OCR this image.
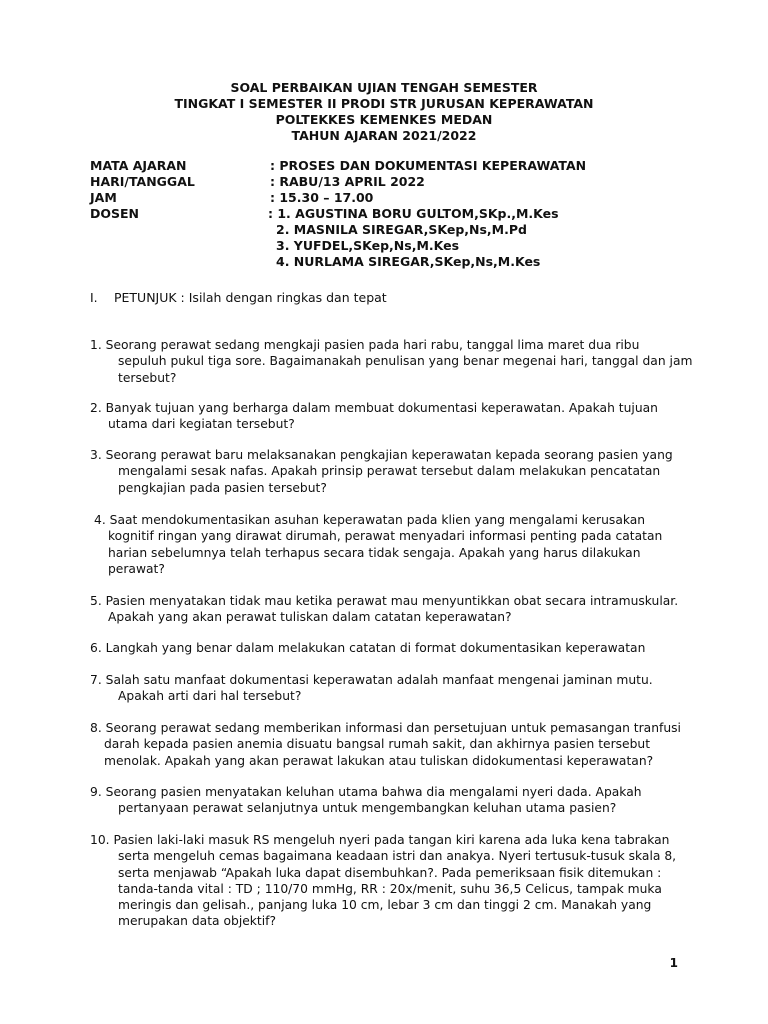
SOAL PERBAIKAN UJIAN TENGAH SEMESTER
TINGKAT I SEMESTER II PRODI STR JURUSAN KEPERAWATAN
POLTEKKES KEMENKES MEDAN
TAHUN AJARAN 2021/2022
MATA AJARAN	: PROSES DAN DOKUMENTASI KEPERAWATAN
HARI/TANGGAL	: RABU/13 APRIL 2022
JAM	: 15.30 – 17.00
DOSEN	: 1. AGUSTINA BORU GULTOM,SKp.,M.Kes
2. MASNILA SIREGAR,SKep,Ns,M.Pd
3. YUFDEL,SKep,Ns,M.Kes
4. NURLAMA SIREGAR,SKep,Ns,M.Kes
I. PETUNJUK : Isilah dengan ringkas dan tepat
1. Seorang perawat sedang mengkaji pasien pada hari rabu, tanggal lima maret dua ribu
sepuluh pukul tiga sore. Bagaimanakah penulisan yang benar megenai hari, tanggal dan jam
tersebut?
2. Banyak tujuan yang berharga dalam membuat dokumentasi keperawatan. Apakah tujuan
utama dari kegiatan tersebut?
3. Seorang perawat baru melaksanakan pengkajian keperawatan kepada seorang pasien yang
mengalami sesak nafas. Apakah prinsip perawat tersebut dalam melakukan pencatatan
pengkajian pada pasien tersebut?
4. Saat mendokumentasikan asuhan keperawatan pada klien yang mengalami kerusakan
kognitif ringan yang dirawat dirumah, perawat menyadari informasi penting pada catatan
harian sebelumnya telah terhapus secara tidak sengaja. Apakah yang harus dilakukan
perawat?
5. Pasien menyatakan tidak mau ketika perawat mau menyuntikkan obat secara intramuskular.
Apakah yang akan perawat tuliskan dalam catatan keperawatan?
6. Langkah yang benar dalam melakukan catatan di format dokumentasikan keperawatan
7. Salah satu manfaat dokumentasi keperawatan adalah manfaat mengenai jaminan mutu.
Apakah arti dari hal tersebut?
8. Seorang perawat sedang memberikan informasi dan persetujuan untuk pemasangan tranfusi
darah kepada pasien anemia disuatu bangsal rumah sakit, dan akhirnya pasien tersebut
menolak. Apakah yang akan perawat lakukan atau tuliskan didokumentasi keperawatan?
9. Seorang pasien menyatakan keluhan utama bahwa dia mengalami nyeri dada. Apakah
pertanyaan perawat selanjutnya untuk mengembangkan keluhan utama pasien?
10. Pasien laki-laki masuk RS mengeluh nyeri pada tangan kiri karena ada luka kena tabrakan
serta mengeluh cemas bagaimana keadaan istri dan anakya. Nyeri tertusuk-tusuk skala 8,
serta menjawab “Apakah luka dapat disembuhkan?. Pada pemeriksaan fisik ditemukan :
tanda-tanda vital : TD ; 110/70 mmHg, RR : 20x/menit, suhu 36,5 Celicus, tampak muka
meringis dan gelisah., panjang luka 10 cm, lebar 3 cm dan tinggi 2 cm. Manakah yang
merupakan data objektif?
1
